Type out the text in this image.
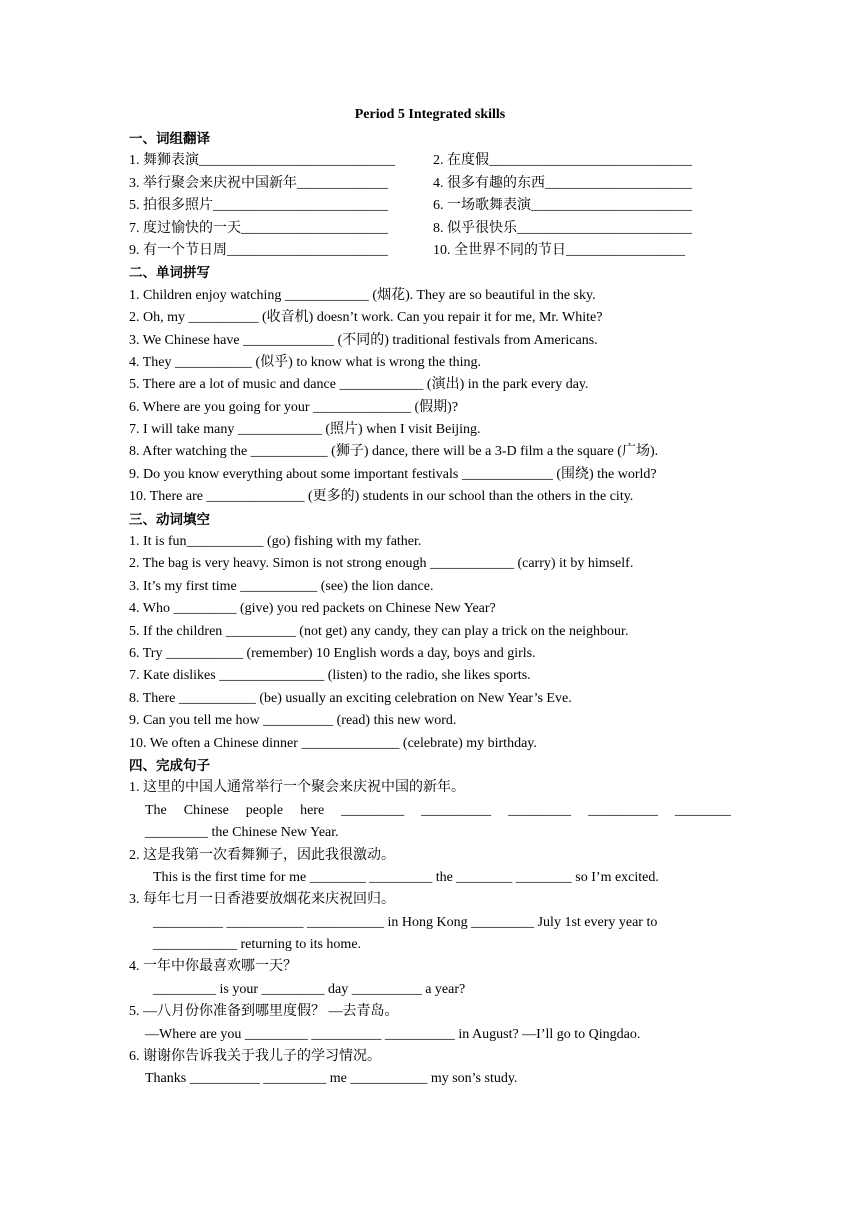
Period 5 Integrated skills
一、词组翻译
1. 舞狮表演____________________________	2. 在度假_____________________________
3. 举行聚会来庆祝中国新年_____________	4. 很多有趣的东西_____________________
5. 拍很多照片_________________________	6. 一场歌舞表演_______________________
7. 度过愉快的一天_____________________	8. 似乎很快乐_________________________
9. 有一个节日周_______________________	10. 全世界不同的节日_________________
二、单词拼写
1. Children enjoy watching ____________ (烟花). They are so beautiful in the sky.
2. Oh, my __________ (收音机) doesn’t work. Can you repair it for me, Mr. White?
3. We Chinese have _____________ (不同的) traditional festivals from Americans.
4. They ___________ (似乎) to know what is wrong the thing.
5. There are a lot of music and dance ____________ (演出) in the park every day.
6. Where are you going for your ______________ (假期)?
7. I will take many ____________ (照片) when I visit Beijing.
8. After watching the ___________ (狮子) dance, there will be a 3-D film a the square (广场).
9. Do you know everything about some important festivals _____________ (围绕) the world?
10. There are ______________ (更多的) students in our school than the others in the city.
三、动词填空
1. It is fun___________ (go) fishing with my father.
2. The bag is very heavy. Simon is not strong enough ____________ (carry) it by himself.
3. It’s my first time ___________ (see) the lion dance.
4. Who _________ (give) you red packets on Chinese New Year?
5. If the children __________ (not get) any candy, they can play a trick on the neighbour.
6. Try ___________ (remember) 10 English words a day, boys and girls.
7. Kate dislikes _______________ (listen) to the radio, she likes sports.
8. There ___________ (be) usually an exciting celebration on New Year’s Eve.
9. Can you tell me how __________ (read) this new word.
10. We often a Chinese dinner ______________ (celebrate) my birthday.
四、完成句子
1. 这里的中国人通常举行一个聚会来庆祝中国的新年。
The Chinese people here _________ __________ _________ __________ ________
_________ the Chinese New Year.
2. 这是我第一次看舞狮子，因此我很激动。
This is the first time for me ________ _________ the ________ ________ so I’m excited.
3. 每年七月一日香港要放烟花来庆祝回归。
__________ ___________ ___________ in Hong Kong _________ July 1st every year to
____________ returning to its home.
4. 一年中你最喜欢哪一天？
_________ is your _________ day __________ a year?
5. —八月份你准备到哪里度假？ —去青岛。
—Where are you _________ __________ __________ in August? —I’ll go to Qingdao.
6. 谢谢你告诉我关于我儿子的学习情况。
Thanks __________ _________ me ___________ my son’s study.
